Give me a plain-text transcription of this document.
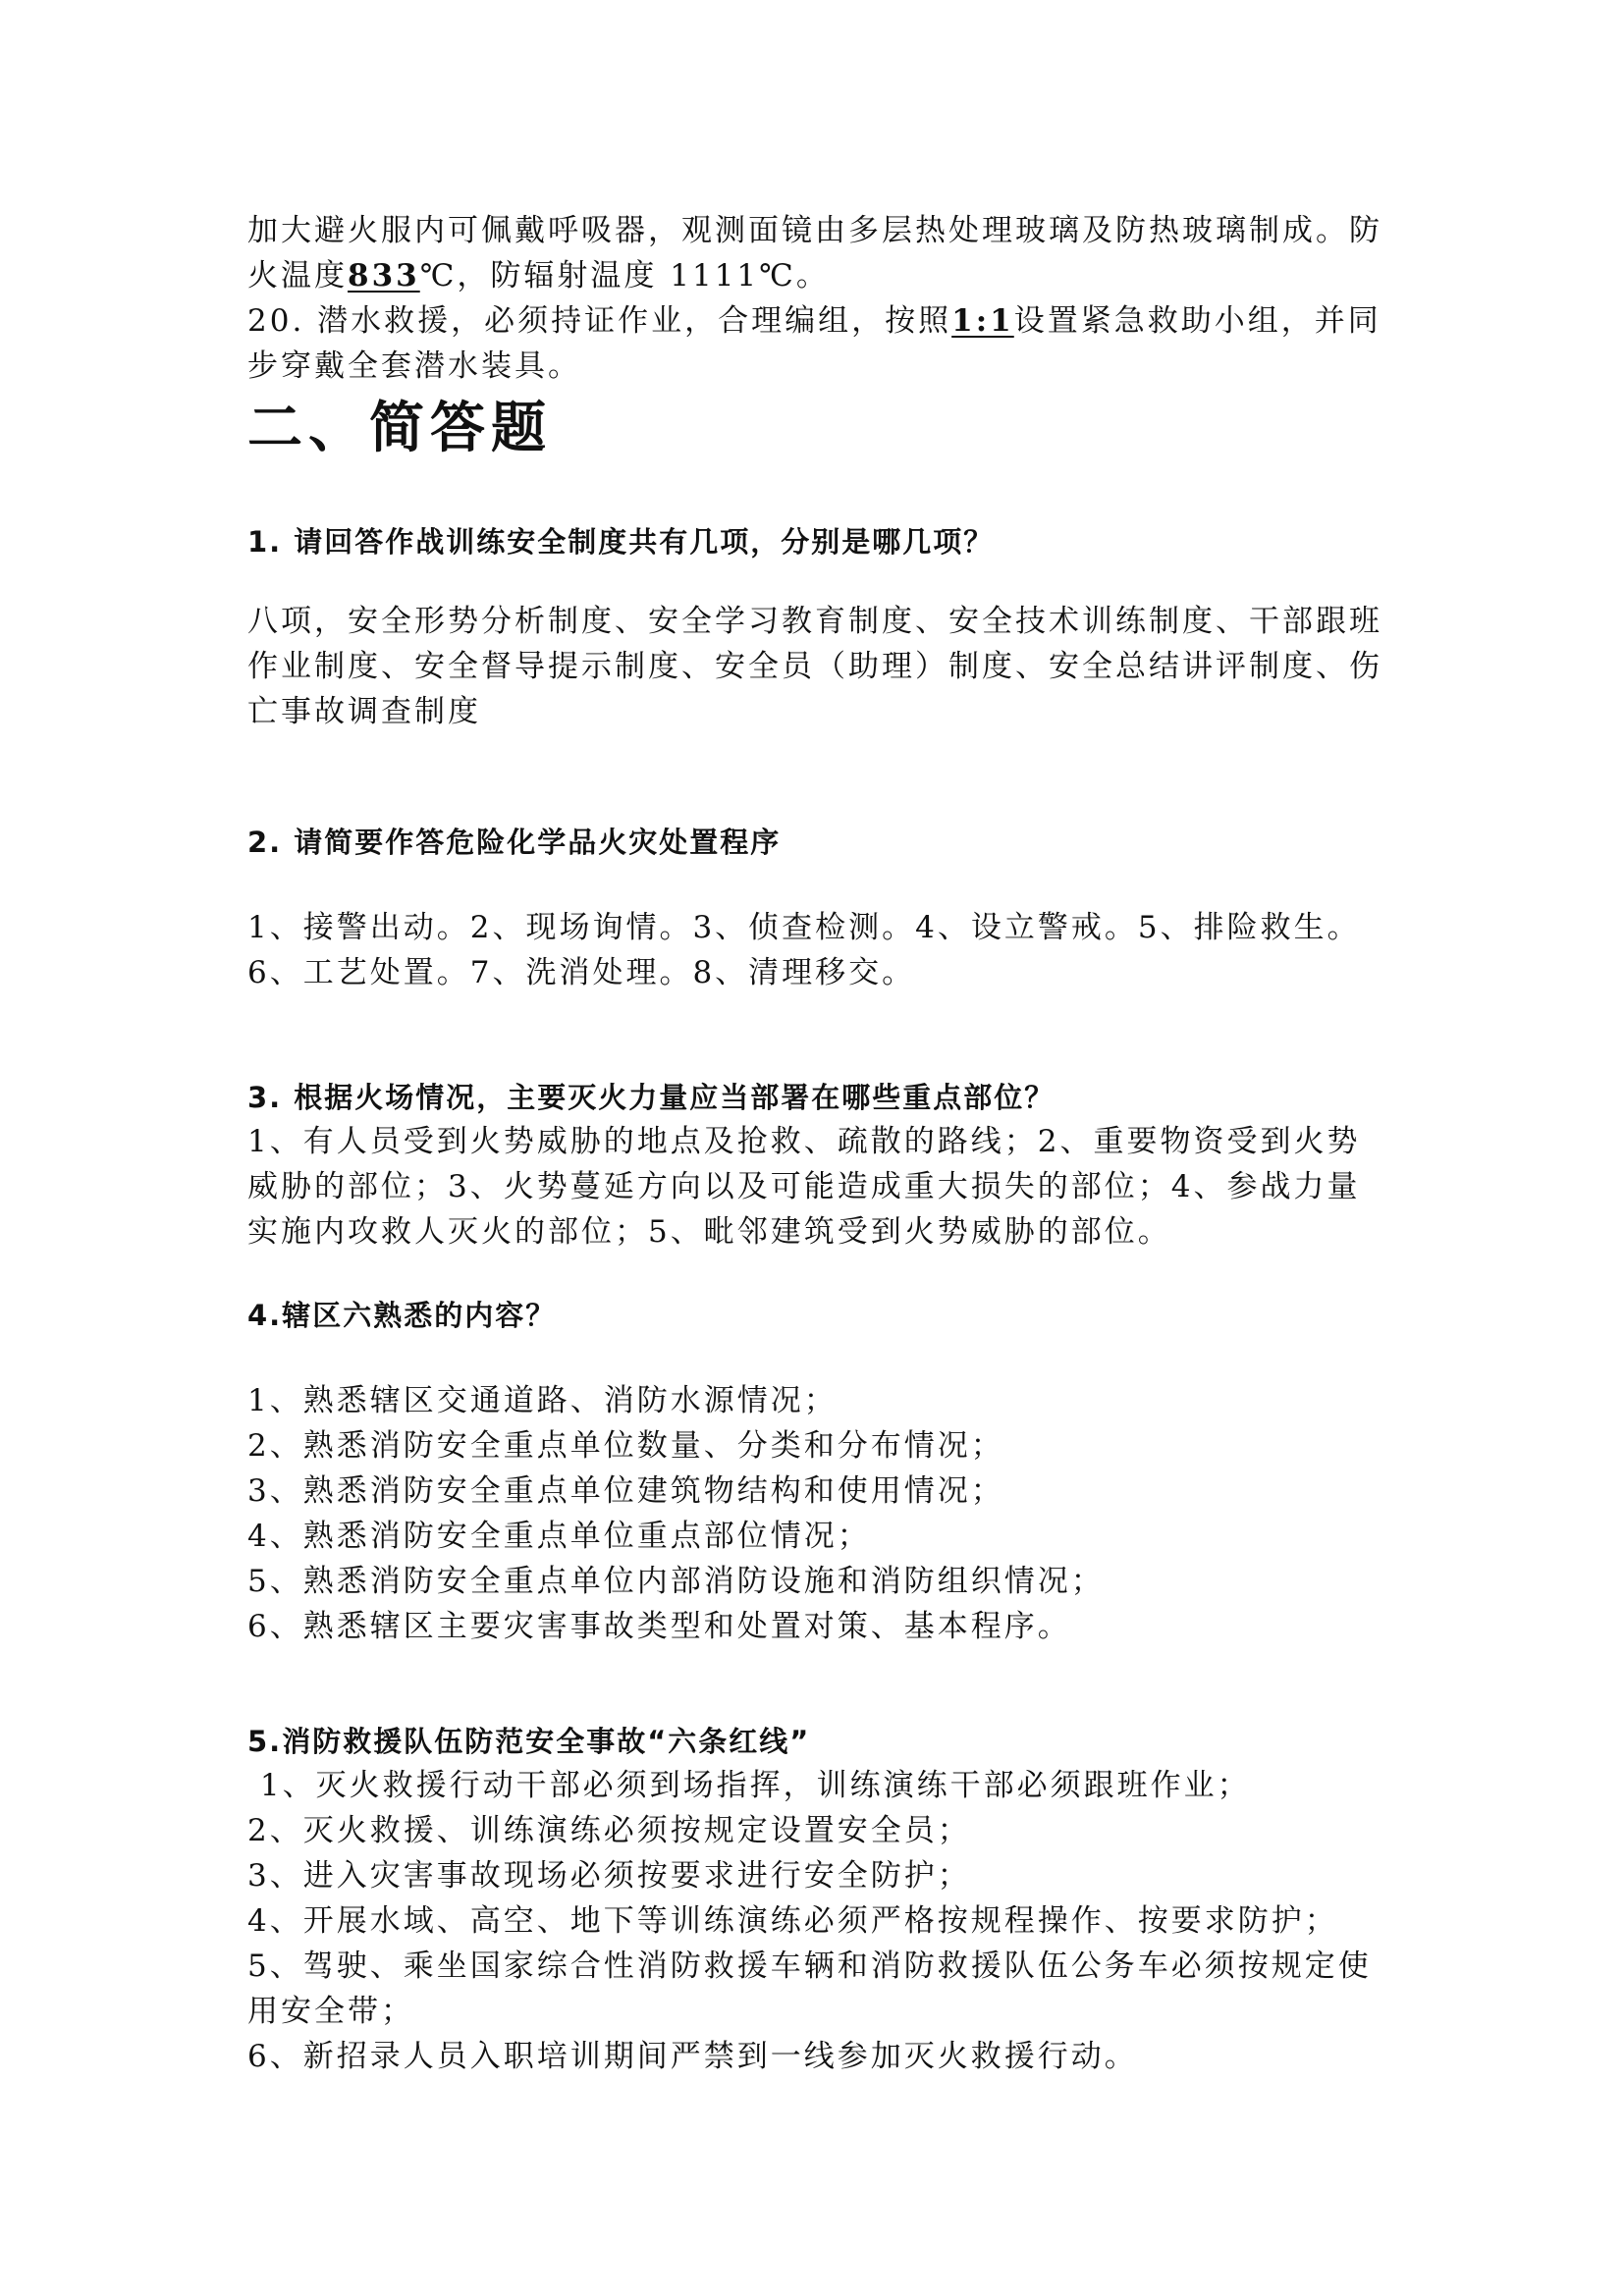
加大避火服内可佩戴呼吸器，观测面镜由多层热处理玻璃及防热玻璃制成。防火温度833℃，防辐射温度 1111℃。

20. 潜水救援，必须持证作业，合理编组，按照1:1设置紧急救助小组，并同步穿戴全套潜水装具。

二、简答题

1. 请回答作战训练安全制度共有几项，分别是哪几项？

八项，安全形势分析制度、安全学习教育制度、安全技术训练制度、干部跟班作业制度、安全督导提示制度、安全员（助理）制度、安全总结讲评制度、伤亡事故调查制度

2. 请简要作答危险化学品火灾处置程序

1、接警出动。2、现场询情。3、侦查检测。4、设立警戒。5、排险救生。6、工艺处置。7、洗消处理。8、清理移交。

3. 根据火场情况，主要灭火力量应当部署在哪些重点部位？

1、有人员受到火势威胁的地点及抢救、疏散的路线；2、重要物资受到火势威胁的部位；3、火势蔓延方向以及可能造成重大损失的部位；4、参战力量实施内攻救人灭火的部位；5、毗邻建筑受到火势威胁的部位。

4.辖区六熟悉的内容？

1、熟悉辖区交通道路、消防水源情况；

2、熟悉消防安全重点单位数量、分类和分布情况；

3、熟悉消防安全重点单位建筑物结构和使用情况；

4、熟悉消防安全重点单位重点部位情况；

5、熟悉消防安全重点单位内部消防设施和消防组织情况；

6、熟悉辖区主要灾害事故类型和处置对策、基本程序。

5.消防救援队伍防范安全事故“六条红线”

1、灭火救援行动干部必须到场指挥，训练演练干部必须跟班作业；

2、灭火救援、训练演练必须按规定设置安全员；

3、进入灾害事故现场必须按要求进行安全防护；

4、开展水域、高空、地下等训练演练必须严格按规程操作、按要求防护；

5、驾驶、乘坐国家综合性消防救援车辆和消防救援队伍公务车必须按规定使用安全带；

6、新招录人员入职培训期间严禁到一线参加灭火救援行动。
